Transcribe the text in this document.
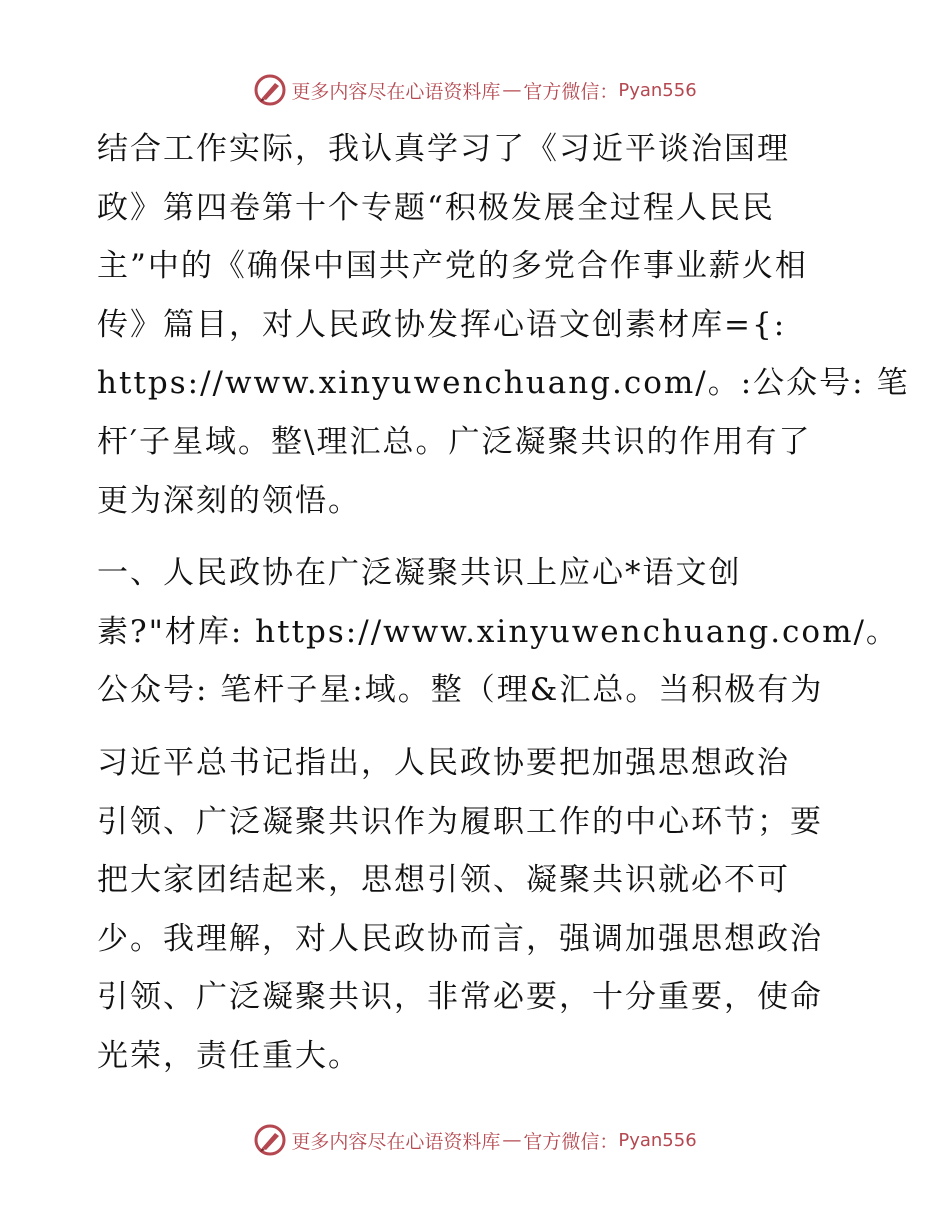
更多内容尽在心语资料库 — 官方微信： Pyan556

结合工作实际，我认真学习了《习近平谈治国理
政》第四卷第十个专题“积极发展全过程人民民
主”中的《确保中国共产党的多党合作事业薪火相
传》篇目，对人民政协发挥心语文创素材库={:
https://www.xinyuwenchuang.com/。:公众号: 笔
杆′子星域。整\理汇总。广泛凝聚共识的作用有了
更为深刻的领悟。

一、人民政协在广泛凝聚共识上应心*语文创
素?"材库: https://www.xinyuwenchuang.com/。
公众号: 笔杆子星:域。整（理&汇总。当积极有为

习近平总书记指出，人民政协要把加强思想政治
引领、广泛凝聚共识作为履职工作的中心环节；要
把大家团结起来，思想引领、凝聚共识就必不可
少。我理解，对人民政协而言，强调加强思想政治
引领、广泛凝聚共识，非常必要，十分重要，使命
光荣，责任重大。

更多内容尽在心语资料库 — 官方微信： Pyan556
